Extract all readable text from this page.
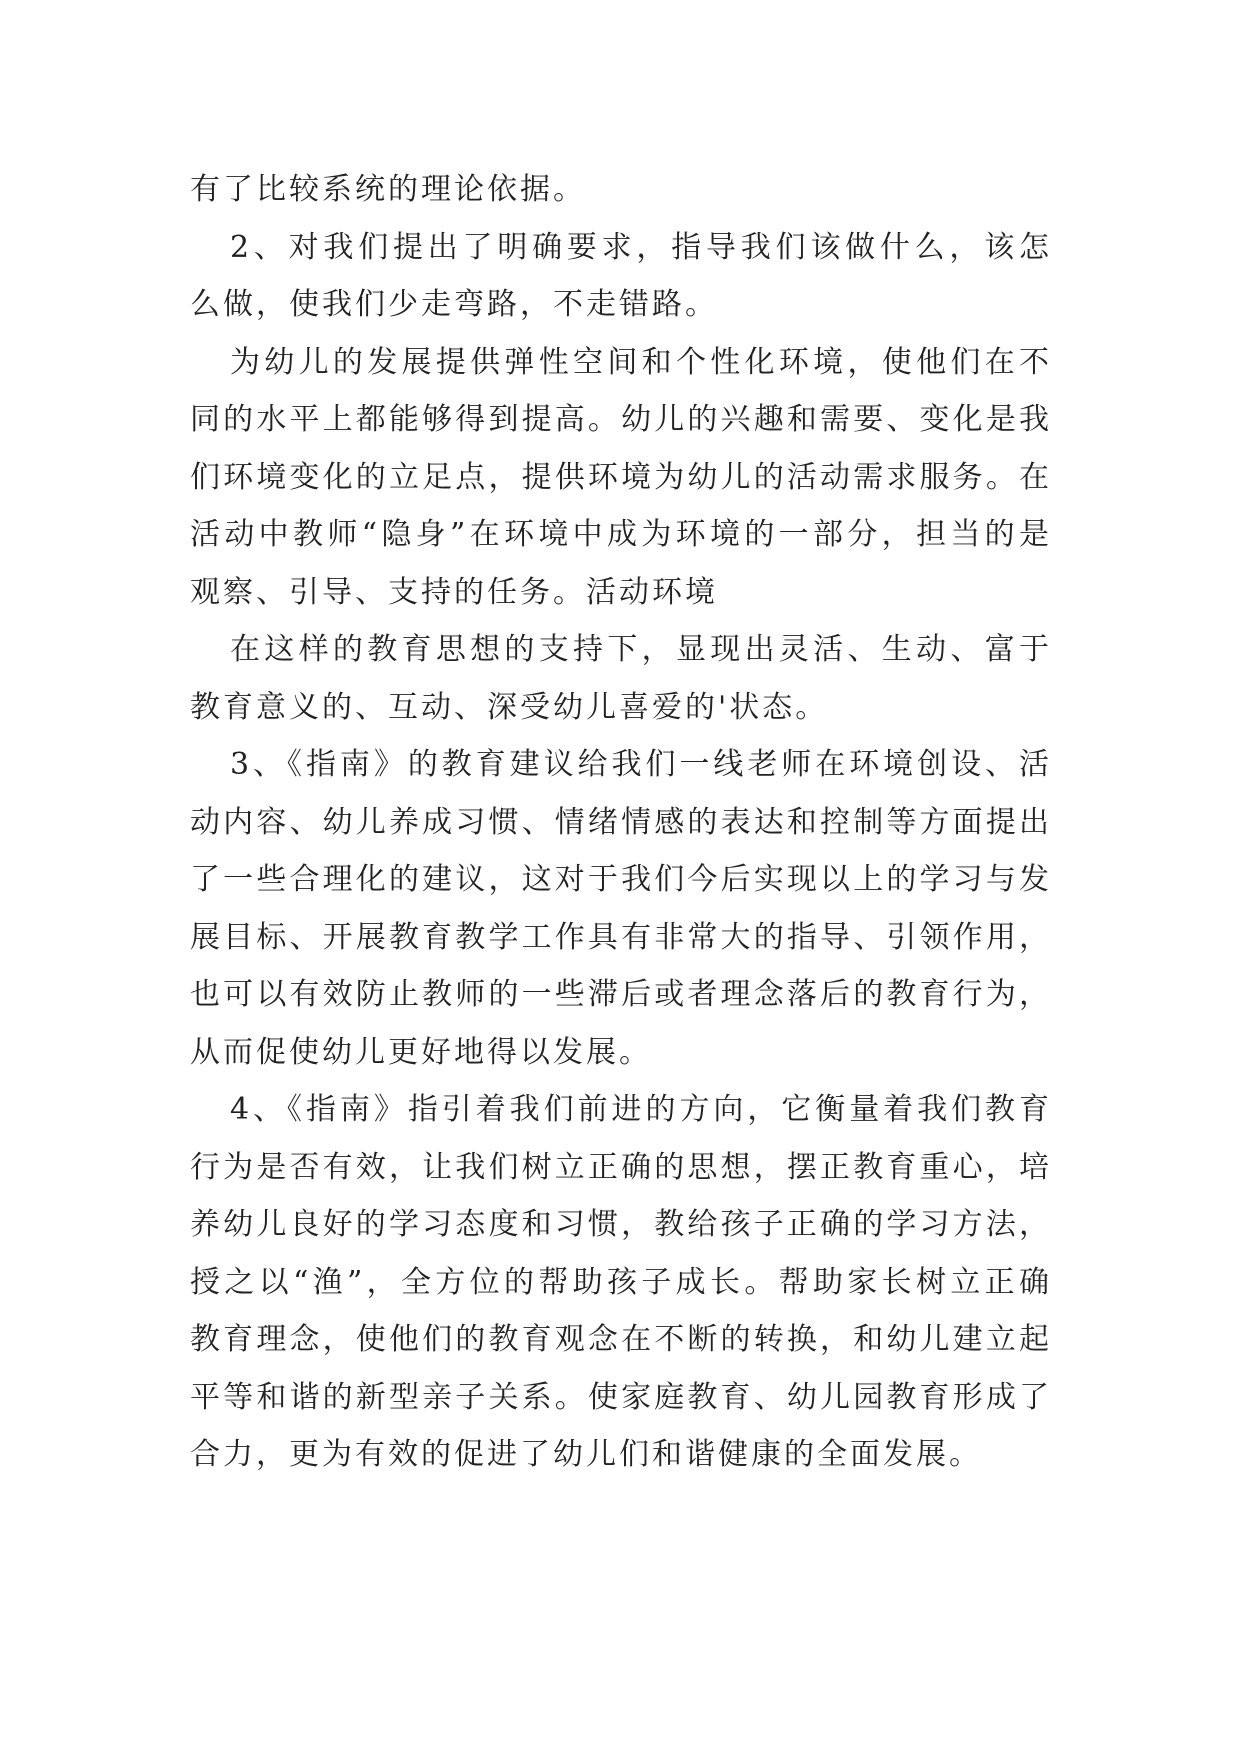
有了比较系统的理论依据。
2、对我们提出了明确要求，指导我们该做什么，该怎
么做，使我们少走弯路，不走错路。
为幼儿的发展提供弹性空间和个性化环境，使他们在不
同的水平上都能够得到提高。幼儿的兴趣和需要、变化是我
们环境变化的立足点，提供环境为幼儿的活动需求服务。在
活动中教师“隐身”在环境中成为环境的一部分，担当的是
观察、引导、支持的任务。活动环境
在这样的教育思想的支持下，显现出灵活、生动、富于
教育意义的、互动、深受幼儿喜爱的'状态。
3、《指南》的教育建议给我们一线老师在环境创设、活
动内容、幼儿养成习惯、情绪情感的表达和控制等方面提出
了一些合理化的建议，这对于我们今后实现以上的学习与发
展目标、开展教育教学工作具有非常大的指导、引领作用，
也可以有效防止教师的一些滞后或者理念落后的教育行为，
从而促使幼儿更好地得以发展。
4、《指南》指引着我们前进的方向，它衡量着我们教育
行为是否有效，让我们树立正确的思想，摆正教育重心，培
养幼儿良好的学习态度和习惯，教给孩子正确的学习方法，
授之以“渔”，全方位的帮助孩子成长。帮助家长树立正确
教育理念，使他们的教育观念在不断的转换，和幼儿建立起
平等和谐的新型亲子关系。使家庭教育、幼儿园教育形成了
合力，更为有效的促进了幼儿们和谐健康的全面发展。
